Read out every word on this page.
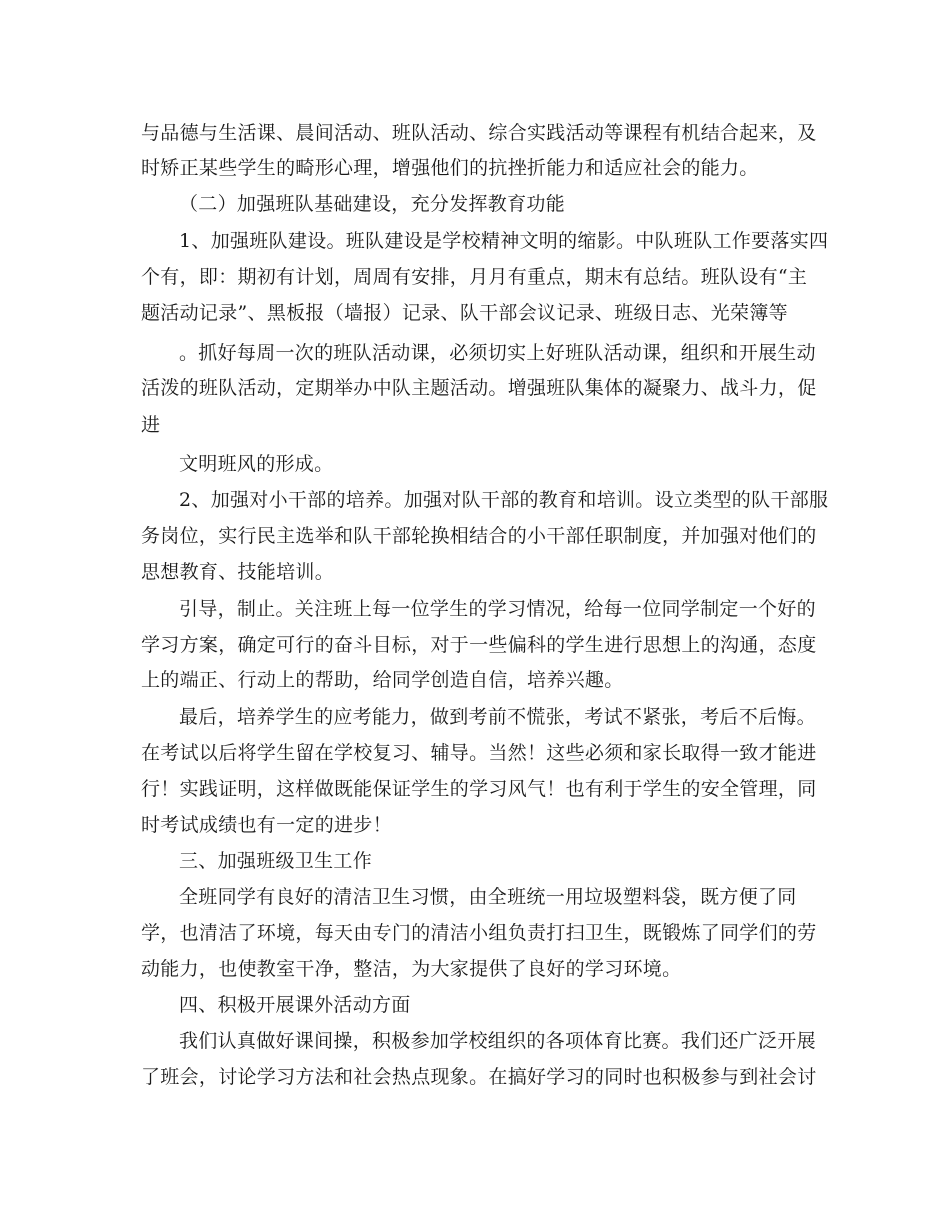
与品德与生活课、晨间活动、班队活动、综合实践活动等课程有机结合起来，及
时矫正某些学生的畸形心理，增强他们的抗挫折能力和适应社会的能力。
（二）加强班队基础建设，充分发挥教育功能
1、加强班队建设。班队建设是学校精神文明的缩影。中队班队工作要落实四
个有，即：期初有计划，周周有安排，月月有重点，期末有总结。班队设有“主
题活动记录”、黑板报（墙报）记录、队干部会议记录、班级日志、光荣簿等
。抓好每周一次的班队活动课，必须切实上好班队活动课，组织和开展生动
活泼的班队活动，定期举办中队主题活动。增强班队集体的凝聚力、战斗力，促
进
文明班风的形成。
2、加强对小干部的培养。加强对队干部的教育和培训。设立类型的队干部服
务岗位，实行民主选举和队干部轮换相结合的小干部任职制度，并加强对他们的
思想教育、技能培训。
引导，制止。关注班上每一位学生的学习情况，给每一位同学制定一个好的
学习方案，确定可行的奋斗目标，对于一些偏科的学生进行思想上的沟通，态度
上的端正、行动上的帮助，给同学创造自信，培养兴趣。
最后，培养学生的应考能力，做到考前不慌张，考试不紧张，考后不后悔。
在考试以后将学生留在学校复习、辅导。当然！这些必须和家长取得一致才能进
行！实践证明，这样做既能保证学生的学习风气！也有利于学生的安全管理，同
时考试成绩也有一定的进步！
三、加强班级卫生工作
全班同学有良好的清洁卫生习惯，由全班统一用垃圾塑料袋，既方便了同
学，也清洁了环境，每天由专门的清洁小组负责打扫卫生，既锻炼了同学们的劳
动能力，也使教室干净，整洁，为大家提供了良好的学习环境。
四、积极开展课外活动方面
我们认真做好课间操，积极参加学校组织的各项体育比赛。我们还广泛开展
了班会，讨论学习方法和社会热点现象。在搞好学习的同时也积极参与到社会讨
